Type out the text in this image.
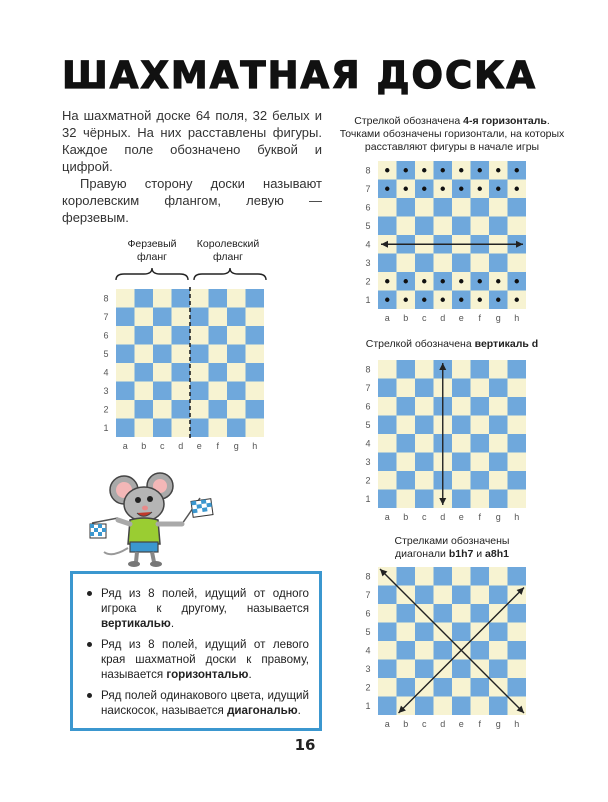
ШАХМАТНАЯ ДОСКА

На шахматной доске 64 поля, 32 белых и 32 чёрных. На них расставлены фигуры. Каждое поле обозначено буквой и цифрой.

Правую сторону доски называют королевским флангом, левую — ферзевым.

Ферзевый
фланг
Королевский
фланг
1
2
3
4
5
6
7
8
a b c d e f g h
Стрелкой обозначена 4-я горизонталь.
Точками обозначены горизонтали, на которых
расставляют фигуры в начале игры
1
2
3
4
5
6
7
8
a b c d e f g h
Стрелкой обозначена вертикаль d
1
2
3
4
5
6
7
8
a b c d e f g h
Стрелками обозначены
диагонали b1h7 и a8h1
1
2
3
4
5
6
7
8
a b c d e f g h
Ряд из 8 полей, идущий от одного игрока к другому, называется вертикалью.
Ряд из 8 полей, идущий от левого края шахматной доски к правому, называется горизонталью.
Ряд полей одинакового цвета, идущий наискосок, называется диагональю.
16
